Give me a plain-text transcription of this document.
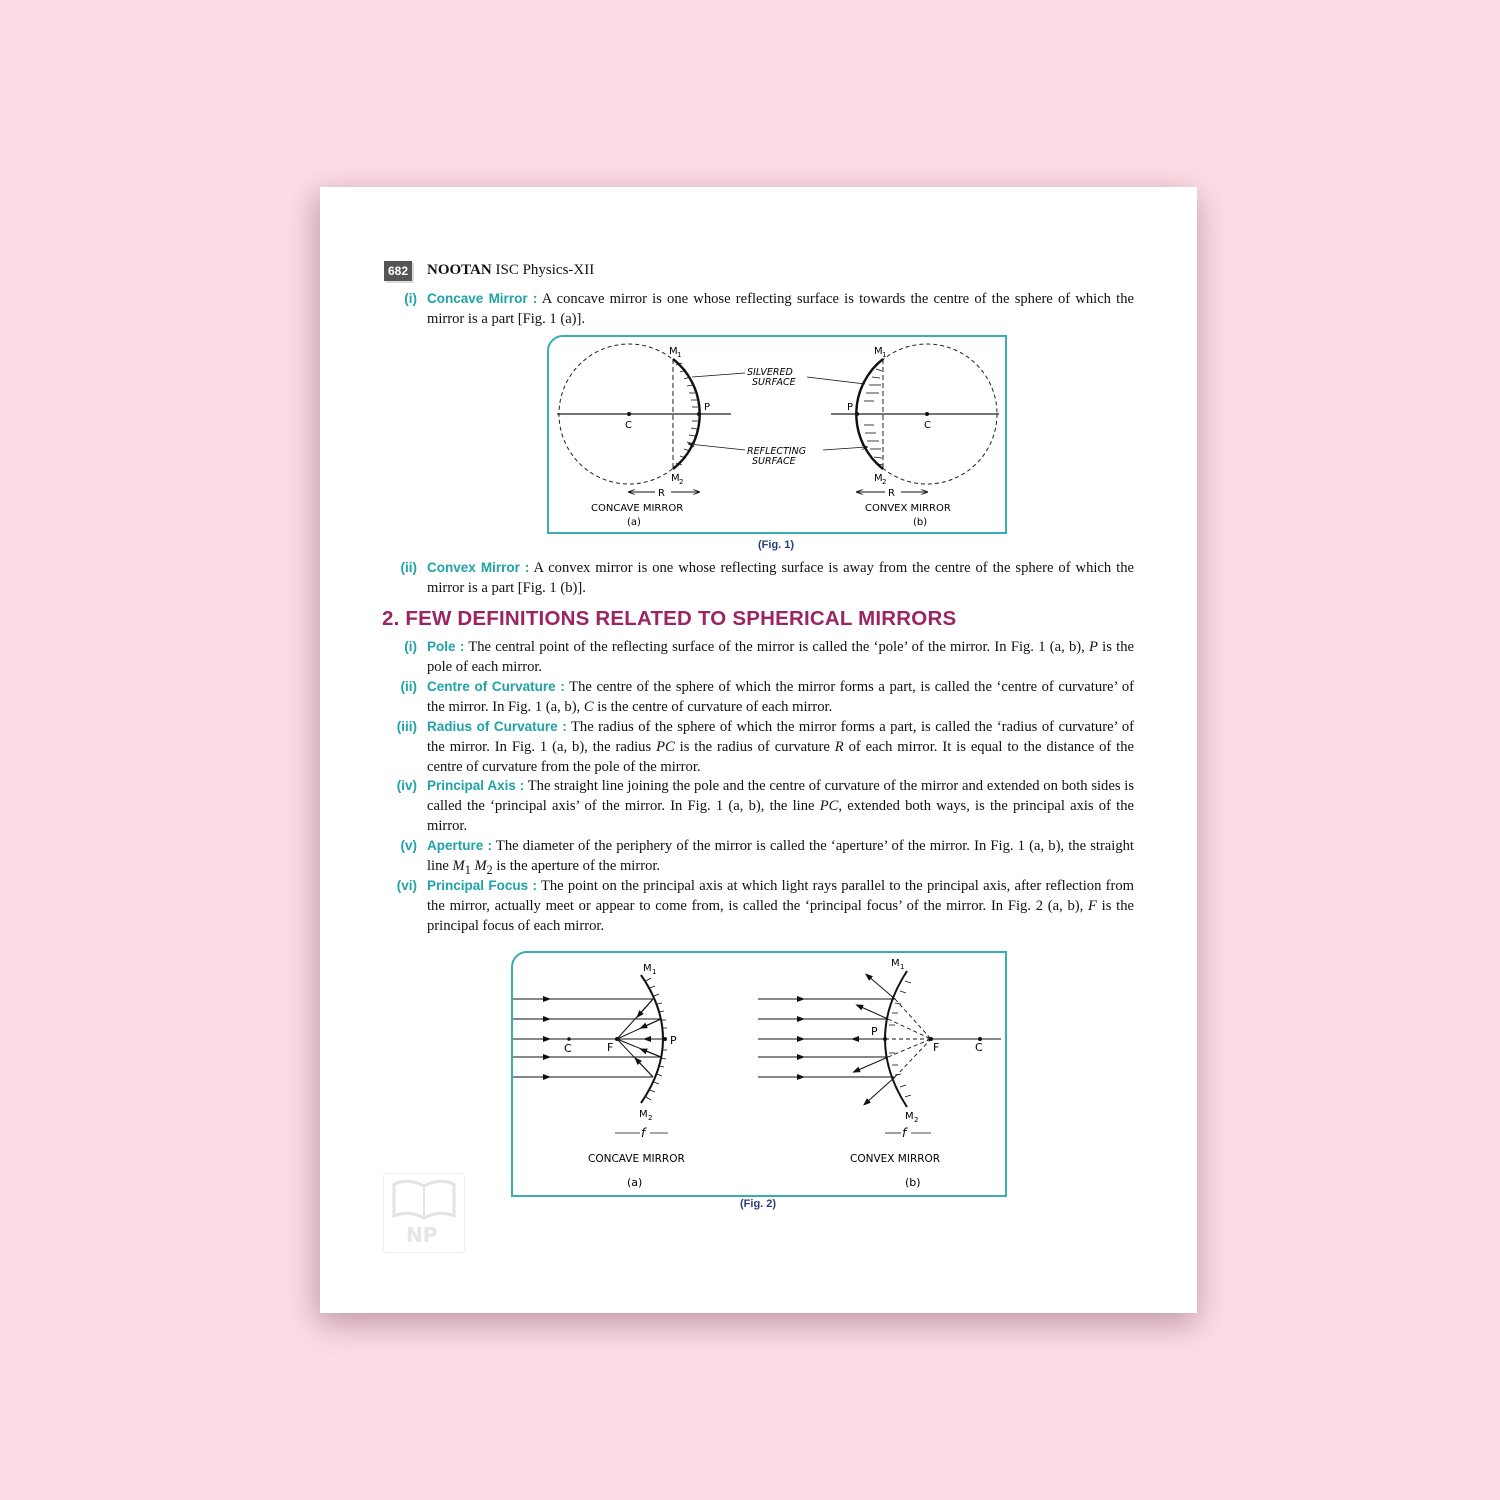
682 NOOTAN ISC Physics-XII
(i) Concave Mirror : A concave mirror is one whose reflecting surface is towards the centre of the sphere of which the mirror is a part [Fig. 1 (a)].
P
C
M 1
M 2
R
CONCAVE MIRROR
(a)
SILVERED
SURFACE
REFLECTING
SURFACE
P
C
M 1
M 2
R
CONVEX MIRROR
(b)
(Fig. 1)
(ii) Convex Mirror : A convex mirror is one whose reflecting surface is away from the centre of the sphere of which the mirror is a part [Fig. 1 (b)].
2. FEW DEFINITIONS RELATED TO SPHERICAL MIRRORS
(i) Pole : The central point of the reflecting surface of the mirror is called the ‘pole’ of the mirror. In Fig. 1 (a, b), P is the pole of each mirror.
(ii) Centre of Curvature : The centre of the sphere of which the mirror forms a part, is called the ‘centre of curvature’ of the mirror. In Fig. 1 (a, b), C is the centre of curvature of each mirror.
(iii) Radius of Curvature : The radius of the sphere of which the mirror forms a part, is called the ‘radius of curvature’ of the mirror. In Fig. 1 (a, b), the radius PC is the radius of curvature R of each mirror. It is equal to the distance of the centre of curvature from the pole of the mirror.
(iv) Principal Axis : The straight line joining the pole and the centre of curvature of the mirror and extended on both sides is called the ‘principal axis’ of the mirror. In Fig. 1 (a, b), the line PC, extended both ways, is the principal axis of the mirror.
(v) Aperture : The diameter of the periphery of the mirror is called the ‘aperture’ of the mirror. In Fig. 1 (a, b), the straight line $M_1$ $M_2$ is the aperture of the mirror.
(vi) Principal Focus : The point on the principal axis at which light rays parallel to the principal axis, after reflection from the mirror, actually meet or appear to come from, is called the ‘principal focus’ of the mirror. In Fig. 2 (a, b), F is the principal focus of each mirror.
C	F
P
M 1
M 2
f
CONCAVE MIRROR
(a)
P
F	C
M 1
M 2
f
CONVEX MIRROR
(b)
(Fig. 2)
NP
